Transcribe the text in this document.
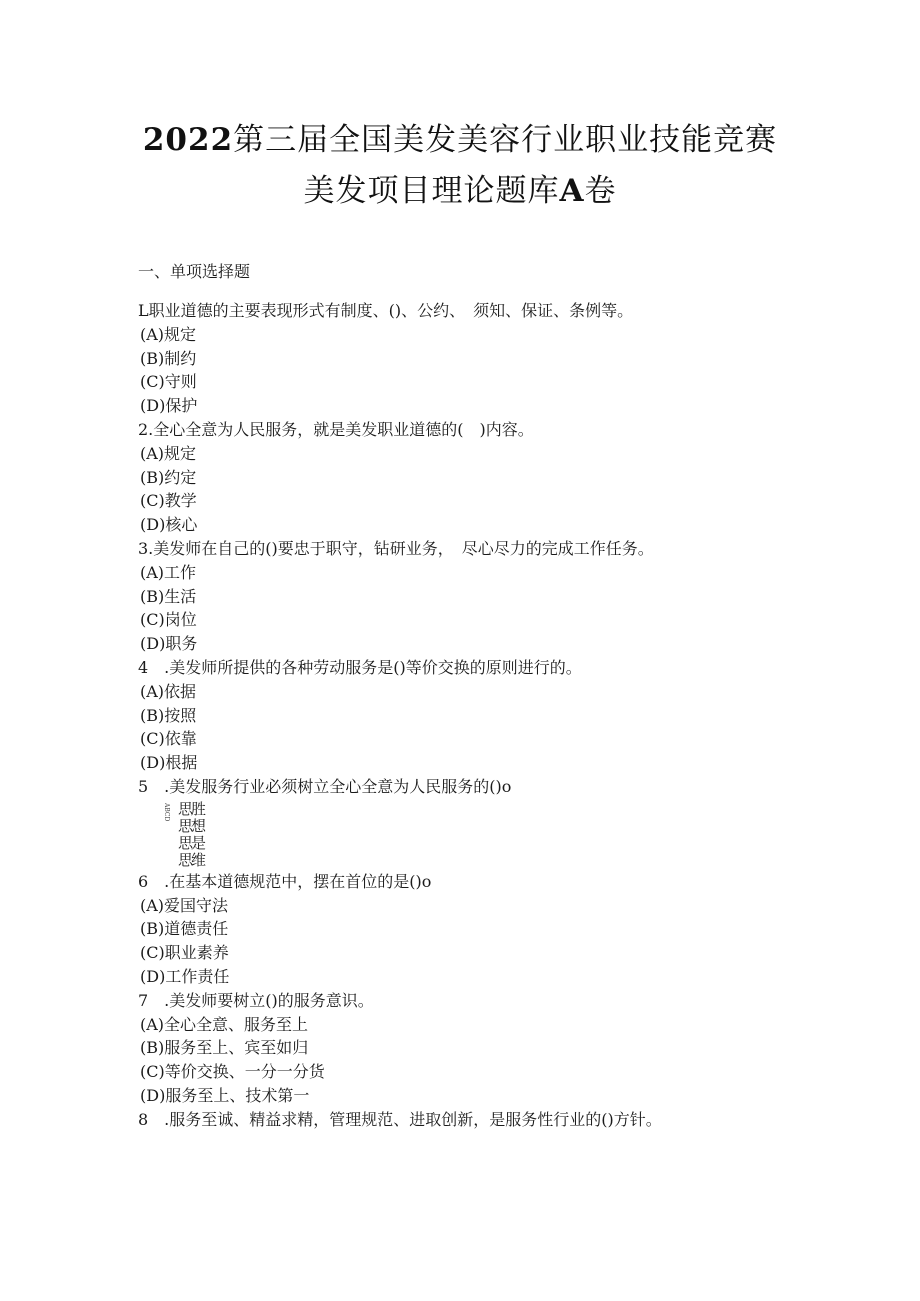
2022第三届全国美发美容行业职业技能竞赛
美发项目理论题库A卷
一、单项选择题
L职业道德的主要表现形式有制度、()、公约、　须知、保证、条例等。
(A)规定
(B)制约
(C)守则
(D)保护
2.全心全意为人民服务，就是美发职业道德的(　)内容。
(A)规定
(B)约定
(C)教学
(D)核心
3.美发师在自己的()要忠于职守，钻研业务，　尽心尽力的完成工作任务。
(A)工作
(B)生活
(C)岗位
(D)职务
4　.美发师所提供的各种劳动服务是()等价交换的原则进行的。
(A)依据
(B)按照
(C)依靠
(D)根据
5　.美发服务行业必须树立全心全意为人民服务的()o
ABCD 思胜
思想
思是
思维
6　.在基本道德规范中，摆在首位的是()o
(A)爱国守法
(B)道德责任
(C)职业素养
(D)工作责任
7　.美发师要树立()的服务意识。
(A)全心全意、服务至上
(B)服务至上、宾至如归
(C)等价交换、一分一分货
(D)服务至上、技术第一
8　.服务至诚、精益求精，管理规范、进取创新，是服务性行业的()方针。
